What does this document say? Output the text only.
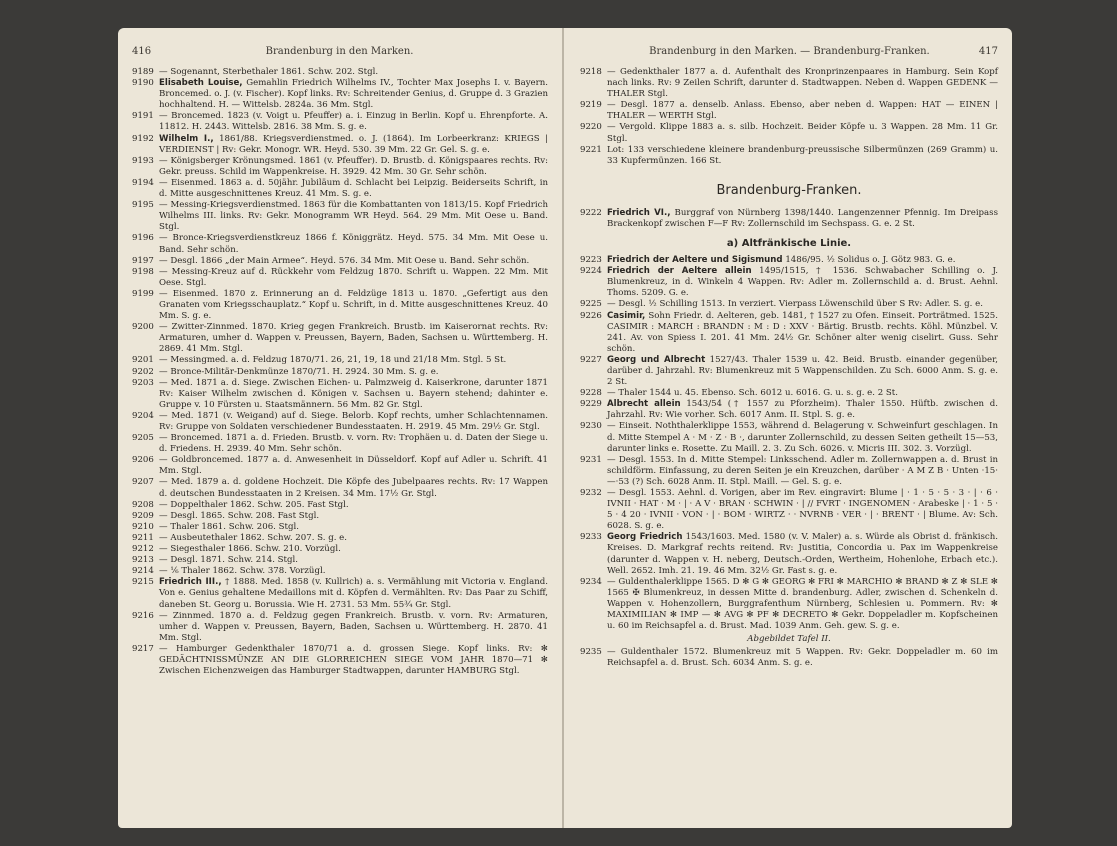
416	Brandenburg in den Marken.
9189 — Sogenannt, Sterbethaler 1861. Schw. 202. Stgl.
9190 Elisabeth Louise, Gemahlin Friedrich Wilhelms IV., Tochter Max Josephs I. v. Bayern. Broncemed. o. J. (v. Fischer). Kopf links. Rv: Schreitender Genius, d. Gruppe d. 3 Grazien hochhaltend. H. — Wittelsb. 2824a. 36 Mm. Stgl.
9191 — Broncemed. 1823 (v. Voigt u. Pfeuffer) a. i. Einzug in Berlin. Kopf u. Ehrenpforte. A. 11812. H. 2443. Wittelsb. 2816. 38 Mm. S. g. e.
9192 Wilhelm I., 1861/88. Kriegsverdienstmed. o. J. (1864). Im Lorbeerkranz: KRIEGS | VERDIENST | Rv: Gekr. Monogr. WR. Heyd. 530. 39 Mm. 22 Gr. Gel. S. g. e.
9193 — Königsberger Krönungsmed. 1861 (v. Pfeuffer). D. Brustb. d. Königspaares rechts. Rv: Gekr. preuss. Schild im Wappenkreise. H. 3929. 42 Mm. 30 Gr. Sehr schön.
9194 — Eisenmed. 1863 a. d. 50jähr. Jubiläum d. Schlacht bei Leipzig. Beiderseits Schrift, in d. Mitte ausgeschnittenes Kreuz. 41 Mm. S. g. e.
9195 — Messing-Kriegsverdienstmed. 1863 für die Kombattanten von 1813/15. Kopf Friedrich Wilhelms III. links. Rv: Gekr. Monogramm WR Heyd. 564. 29 Mm. Mit Oese u. Band. Stgl.
9196 — Bronce-Kriegsverdienstkreuz 1866 f. Königgrätz. Heyd. 575. 34 Mm. Mit Oese u. Band. Sehr schön.
9197 — Desgl. 1866 „der Main Armee“. Heyd. 576. 34 Mm. Mit Oese u. Band. Sehr schön.
9198 — Messing-Kreuz auf d. Rückkehr vom Feldzug 1870. Schrift u. Wappen. 22 Mm. Mit Oese. Stgl.
9199 — Eisenmed. 1870 z. Erinnerung an d. Feldzüge 1813 u. 1870. „Gefertigt aus den Granaten vom Kriegsschauplatz.“ Kopf u. Schrift, in d. Mitte ausgeschnittenes Kreuz. 40 Mm. S. g. e.
9200 — Zwitter-Zinnmed. 1870. Krieg gegen Frankreich. Brustb. im Kaiserornat rechts. Rv: Armaturen, umher d. Wappen v. Preussen, Bayern, Baden, Sachsen u. Württemberg. H. 2869. 41 Mm. Stgl.
9201 — Messingmed. a. d. Feldzug 1870/71. 26, 21, 19, 18 und 21/18 Mm. Stgl. 5 St.
9202 — Bronce-Militär-Denkmünze 1870/71. H. 2924. 30 Mm. S. g. e.
9203 — Med. 1871 a. d. Siege. Zwischen Eichen- u. Palmzweig d. Kaiserkrone, darunter 1871 Rv: Kaiser Wilhelm zwischen d. Königen v. Sachsen u. Bayern stehend; dahinter e. Gruppe v. 10 Fürsten u. Staatsmännern. 56 Mm. 82 Gr. Stgl.
9204 — Med. 1871 (v. Weigand) auf d. Siege. Belorb. Kopf rechts, umher Schlachtennamen. Rv: Gruppe von Soldaten verschiedener Bundesstaaten. H. 2919. 45 Mm. 29½ Gr. Stgl.
9205 — Broncemed. 1871 a. d. Frieden. Brustb. v. vorn. Rv: Trophäen u. d. Daten der Siege u. d. Friedens. H. 2939. 40 Mm. Sehr schön.
9206 — Goldbroncemed. 1877 a. d. Anwesenheit in Düsseldorf. Kopf auf Adler u. Schrift. 41 Mm. Stgl.
9207 — Med. 1879 a. d. goldene Hochzeit. Die Köpfe des Jubelpaares rechts. Rv: 17 Wappen d. deutschen Bundesstaaten in 2 Kreisen. 34 Mm. 17½ Gr. Stgl.
9208 — Doppelthaler 1862. Schw. 205. Fast Stgl.
9209 — Desgl. 1865. Schw. 208. Fast Stgl.
9210 — Thaler 1861. Schw. 206. Stgl.
9211 — Ausbeutethaler 1862. Schw. 207. S. g. e.
9212 — Siegesthaler 1866. Schw. 210. Vorzügl.
9213 — Desgl. 1871. Schw. 214. Stgl.
9214 — ⅙ Thaler 1862. Schw. 378. Vorzügl.
9215 Friedrich III., † 1888. Med. 1858 (v. Kullrich) a. s. Vermählung mit Victoria v. England. Von e. Genius gehaltene Medaillons mit d. Köpfen d. Vermählten. Rv: Das Paar zu Schiff, daneben St. Georg u. Borussia. Wie H. 2731. 53 Mm. 55¾ Gr. Stgl.
9216 — Zinnmed. 1870 a. d. Feldzug gegen Frankreich. Brustb. v. vorn. Rv: Armaturen, umher d. Wappen v. Preussen, Bayern, Baden, Sachsen u. Württemberg. H. 2870. 41 Mm. Stgl.
9217 — Hamburger Gedenkthaler 1870/71 a. d. grossen Siege. Kopf links. Rv: ✻ GEDÄCHTNISSMÜNZE AN DIE GLORREICHEN SIEGE VOM JAHR 1870—71 ✻ Zwischen Eichenzweigen das Hamburger Stadtwappen, darunter HAMBURG Stgl.
Brandenburg in den Marken. — Brandenburg-Franken.	417
9218 — Gedenkthaler 1877 a. d. Aufenthalt des Kronprinzenpaares in Hamburg. Sein Kopf nach links. Rv: 9 Zeilen Schrift, darunter d. Stadtwappen. Neben d. Wappen GEDENK — THALER Stgl.
9219 — Desgl. 1877 a. denselb. Anlass. Ebenso, aber neben d. Wappen: HAT — EINEN | THALER — WERTH Stgl.
9220 — Vergold. Klippe 1883 a. s. silb. Hochzeit. Beider Köpfe u. 3 Wappen. 28 Mm. 11 Gr. Stgl.
9221 Lot: 133 verschiedene kleinere brandenburg-preussische Silbermünzen (269 Gramm) u. 33 Kupfermünzen. 166 St.
Brandenburg-Franken.
9222 Friedrich VI., Burggraf von Nürnberg 1398/1440. Langenzenner Pfennig. Im Dreipass Brackenkopf zwischen F—F Rv: Zollernschild im Sechspass. G. e. 2 St.
a) Altfränkische Linie.
9223 Friedrich der Aeltere und Sigismund 1486/95. ½ Solidus o. J. Götz 983. G. e.
9224 Friedrich der Aeltere allein 1495/1515, † 1536. Schwabacher Schilling o. J. Blumenkreuz, in d. Winkeln 4 Wappen. Rv: Adler m. Zollernschild a. d. Brust. Aehnl. Thoms. 5209. G. e.
9225 — Desgl. ½ Schilling 1513. In verziert. Vierpass Löwenschild über S Rv: Adler. S. g. e.
9226 Casimir, Sohn Friedr. d. Aelteren, geb. 1481, † 1527 zu Ofen. Einseit. Porträtmed. 1525. CASIMIR : MARCH : BRANDN : M : D : XXV · Bärtig. Brustb. rechts. Köhl. Münzbel. V. 241. Av. von Spiess I. 201. 41 Mm. 24½ Gr. Schöner alter wenig ciselirt. Guss. Sehr schön.
9227 Georg und Albrecht 1527/43. Thaler 1539 u. 42. Beid. Brustb. einander gegenüber, darüber d. Jahrzahl. Rv: Blumenkreuz mit 5 Wappenschilden. Zu Sch. 6000 Anm. S. g. e. 2 St.
9228 — Thaler 1544 u. 45. Ebenso. Sch. 6012 u. 6016. G. u. s. g. e. 2 St.
9229 Albrecht allein 1543/54 († 1557 zu Pforzheim). Thaler 1550. Hüftb. zwischen d. Jahrzahl. Rv: Wie vorher. Sch. 6017 Anm. II. Stpl. S. g. e.
9230 — Einseit. Noththalerklippe 1553, während d. Belagerung v. Schweinfurt geschlagen. In d. Mitte Stempel A · M · Z · B ·, darunter Zollernschild, zu dessen Seiten getheilt 15—53, darunter links e. Rosette. Zu Maill. 2. 3. Zu Sch. 6026. v. Micris III. 302. 3. Vorzügl.
9231 — Desgl. 1553. In d. Mitte Stempel: Linksschend. Adler m. Zollernwappen a. d. Brust in schildförm. Einfassung, zu deren Seiten je ein Kreuzchen, darüber · A M Z B · Unten ·15·—·53 (?) Sch. 6028 Anm. II. Stpl. Maill. — Gel. S. g. e.
9232 — Desgl. 1553. Aehnl. d. Vorigen, aber im Rev. eingravirt: Blume | · 1 · 5 · 5 · 3 · | · 6 · IVNII · HAT · M · | · A V · BRAN · SCHWIN · | // FVRT · INGENOMEN · Arabeske | · 1 · 5 · 5 · 4 20 · IVNII · VON · | · BOM · WIRTZ · · NVRNB · VER · | · BRENT · | Blume. Av: Sch. 6028. S. g. e.
9233 Georg Friedrich 1543/1603. Med. 1580 (v. V. Maler) a. s. Würde als Obrist d. fränkisch. Kreises. D. Markgraf rechts reitend. Rv: Justitia, Concordia u. Pax im Wappenkreise (darunter d. Wappen v. H. neberg, Deutsch.-Orden, Wertheim, Hohenlohe, Erbach etc.). Well. 2652. Imh. 21. 19. 46 Mm. 32½ Gr. Fast s. g. e.
9234 — Guldenthalerklippe 1565. D ✻ G ✻ GEORG ✻ FRI ✻ MARCHIO ✻ BRAND ✻ Z ✻ SLE ✻ 1565 ✠ Blumenkreuz, in dessen Mitte d. brandenburg. Adler, zwischen d. Schenkeln d. Wappen v. Hohenzollern, Burggrafenthum Nürnberg, Schlesien u. Pommern. Rv: ✻ MAXIMILIAN ✻ IMP — ✻ AVG ✻ PF ✻ DECRETO ✻ Gekr. Doppeladler m. Kopfscheinen u. 60 im Reichsapfel a. d. Brust. Mad. 1039 Anm. Geh. gew. S. g. e.
Abgebildet Tafel II.
9235 — Guldenthaler 1572. Blumenkreuz mit 5 Wappen. Rv: Gekr. Doppeladler m. 60 im Reichsapfel a. d. Brust. Sch. 6034 Anm. S. g. e.
